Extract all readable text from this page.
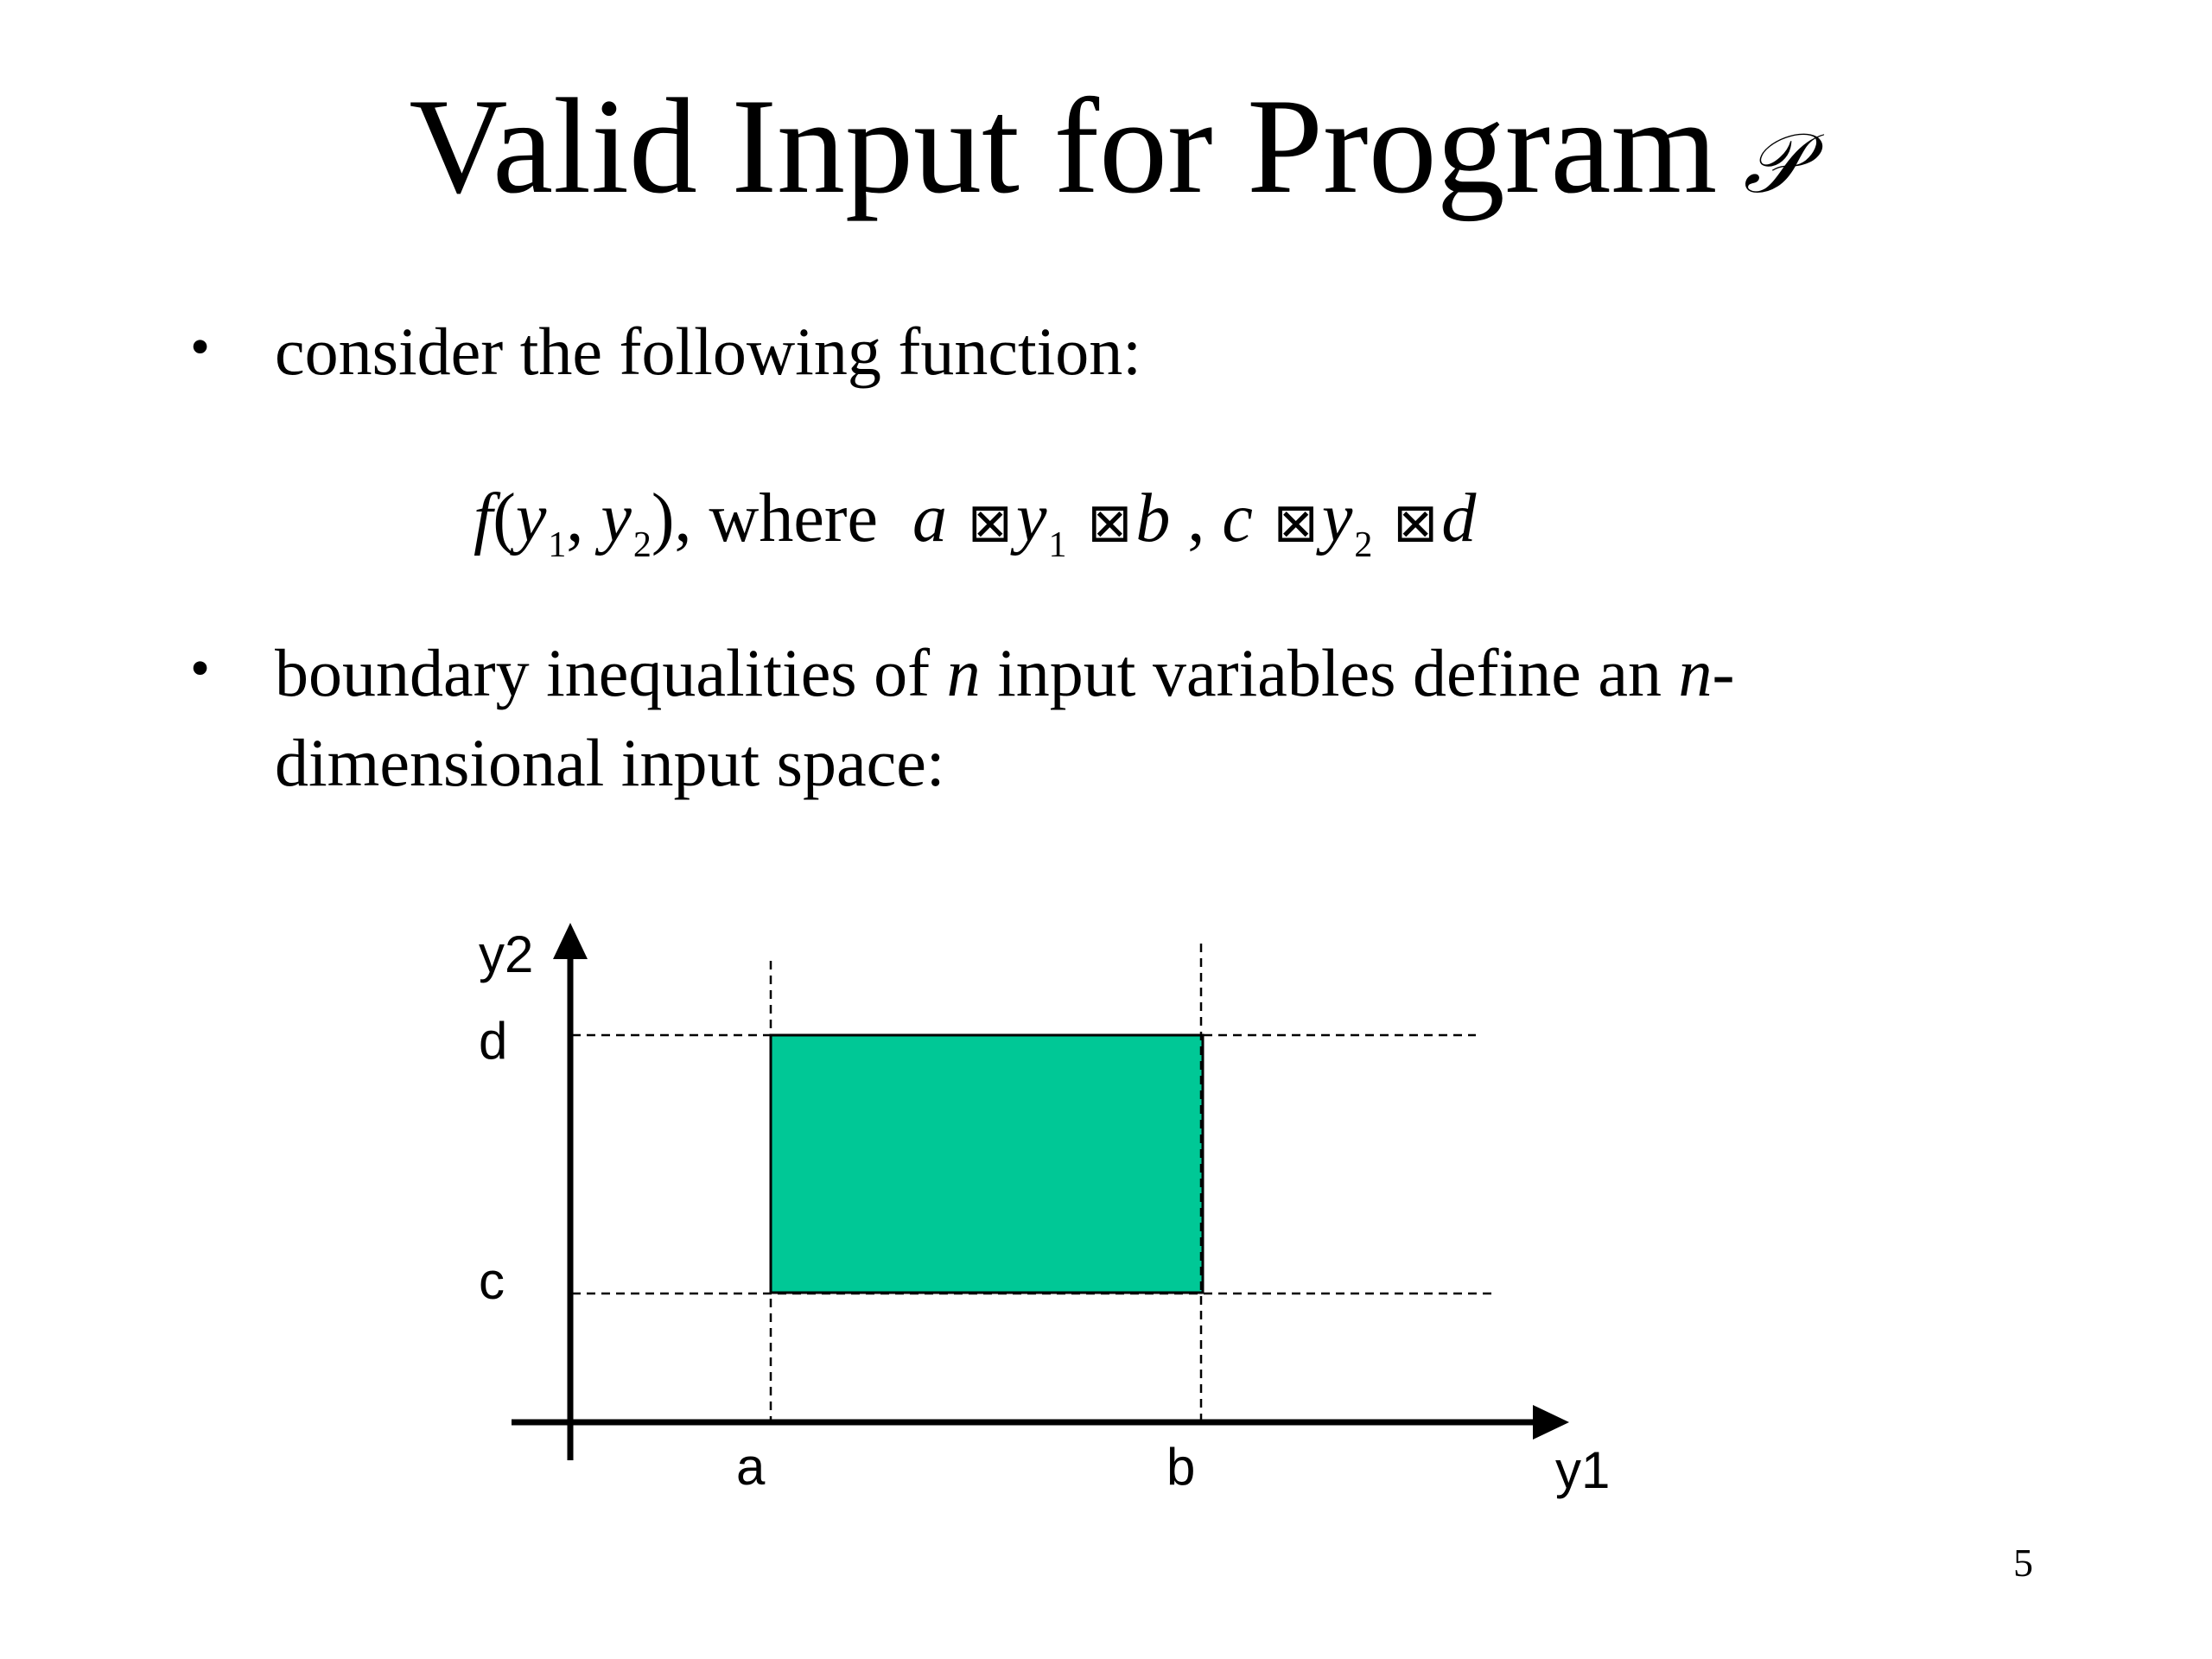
Valid Input for Program 𝒫
• consider the following function:
$f(y_1$, $y_2$), where a $⊠y_1$ ⊠b , c $⊠y_2$ ⊠d
• boundary inequalities of n input variables define an n-
dimensional input space:
y2
d
c
a	b	y1
5
